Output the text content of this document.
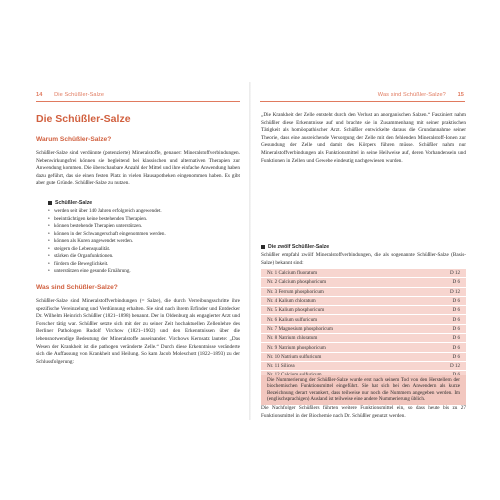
14 Die Schüßler-Salze	Was sind Schüßler-Salze? 15
Die Schüßler-Salze
Warum Schüßler-Salze?

Schüßler-Salze sind verdünnte (potenzierte) Mineralstoffe, genauer: Mineralstoffverbindungen. Nebenwirkungsfrei können sie begleitend bei klassischen und alternativen Therapien zur Anwendung kommen. Die überschaubare Anzahl der Mittel und ihre einfache Anwendung haben dazu geführt, das sie einen festen Platz in vielen Hausapotheken eingenommen haben. Es gibt aber gute Gründe. Schüßler-Salze zu nutzen.

Schüßler-Salze
• werden seit über 140 Jahren erfolgreich angewendet.
• beeinträchtigen keine bestehenden Therapien.
• können bestehende Therapien unterstützen.
• können in der Schwangerschaft eingenommen werden.
• können als Kuren angewendet werden.
• steigern die Lebensqualität.
• stärken die Organfunktionen.
• fördern die Beweglichkeit.
• unterstützen eine gesunde Ernährung.
Was sind Schüßler-Salze?

Schüßler-Salze sind Mineralstoffverbindungen (= Salze), die durch Verreibungsschritte ihre spezifische Vereinzelung und Verdünnung erhalten. Sie sind nach ihrem Erfinder und Entdecker Dr. Wilhelm Heinrich Schüßler (1821–1898) benannt. Der in Oldenburg als engagierter Arzt und Forscher tätig war. Schüßler setzte sich mit der zu seiner Zeit hochaktuellen Zellenlehre des Berliner Pathologen Rudolf Virchow (1821–1902) und den Erkenntnissen über die lebensnotwendige Bedeutung der Mineralstoffe auseinander. Virchows Kernsatz lautete: „Das Wesen der Krankheit ist die pathogen veränderte Zelle.“ Durch diese Erkenntnisse veränderte sich die Auffassung von Krankheit und Heilung. So kam Jacob Moleschott (1822–1893) zu der Schlussfolgerung:

„Die Krankheit der Zelle entsteht durch den Verlust an anorganischen Salzen.“ Fasziniert nahm Schüßler diese Erkenntnisse auf und brachte sie in Zusammenhang mit seiner praktischen Tätigkeit als homöopathischer Arzt. Schüßler entwickelte daraus die Grundannahme seiner Theorie, dass eine ausreichende Versorgung der Zelle mit den fehlenden Mineralstoff-Ionen zur Gesundung der Zelle und damit des Körpers führen müsse. Schüßler nahm nur Mineralstoffverbindungen als Funktionsmittel in seine Heilweise auf, deren Vorhandensein und Funktionen in Zellen und Gewebe eindeutig nachgewiesen wurden.

Die zwölf Schüßler-Salze

Schüßler empfahl zwölf Mineralstoffverbindungen, die als sogenannte Schüßler-Salze (Basis-Salze) bekannt sind:

Nr. 1 Calcium fluoratum	D 12
Nr. 2 Calcium phosphoricum	D 6
Nr. 3 Ferrum phosphoricum	D 12
Nr. 4 Kalium chloratum	D 6
Nr. 5 Kalium phosphoricum	D 6
Nr. 6 Kalium sulfuricum	D 6
Nr. 7 Magnesium phosphoricum	D 6
Nr. 8 Natrium chloratum	D 6
Nr. 9 Natrium phosphoricum	D 6
Nr. 10 Natrium sulfuricum	D 6
Nr. 11 Silicea	D 12

Die Nummerierung der Schüßler-Salze wurde erst nach seinem Tod von den Herstellern der biochemischen Funktionsmittel eingeführt. Sie hat sich bei den Anwendern als kurze Bezeichnung derart verankert, dass teilweise nur noch die Nummern angegeben werden. Im (englischsprachigen) Ausland ist teilweise eine andere Nummerierung üblich.

Die Nachfolger Schüßlers führten weitere Funktionsmittel ein, so dass heute bis zu 27 Funktionsmittel in der Biochemie nach Dr. Schüßler genutzt werden.
